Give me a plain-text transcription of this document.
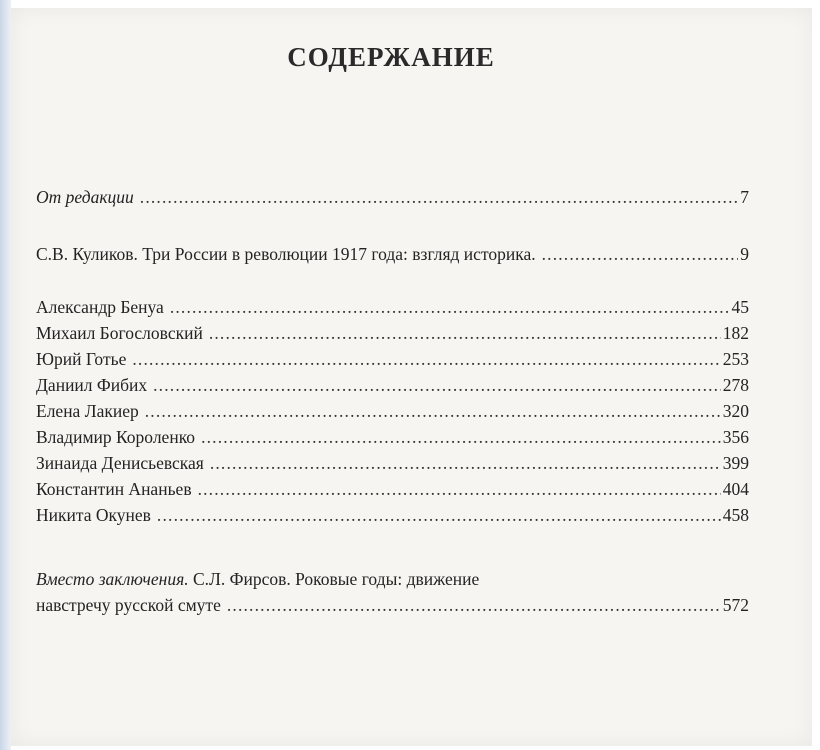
СОДЕРЖАНИЕ
От редакции . . .	7
С.В. Куликов. Три России в революции 1917 года: взгляд историка. . . .	9
Александр Бенуа . . .	45
Михаил Богословский . . .	182
Юрий Готье . . .	253
Даниил Фибих . . .	278
Елена Лакиер . . .	320
Владимир Короленко . . .	356
Зинаида Денисьевская . . .	399
Константин Ананьев . . .	404
Никита Окунев . . .	458
Вместо заключения. С.Л. Фирсов. Роковые годы: движение
навстречу русской смуте . . .	572
